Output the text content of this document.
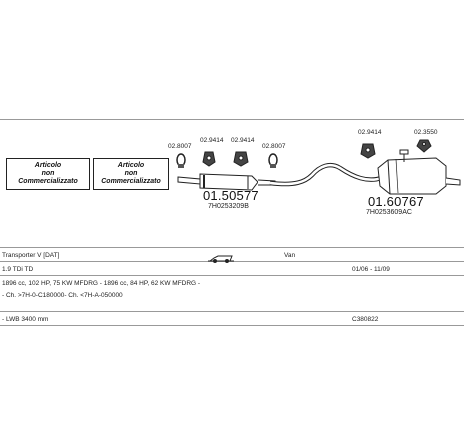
Articolo
non
Commercializzato
Articolo
non
Commercializzato
02.8007
02.9414 02.9414
02.8007
02.9414	02.3550
01.50577
7H0253209B	01.60767
7H0253609AC
Transporter V [DAT]	Van
1.9 TDi TD	01/06 - 11/09
1896 cc, 102 HP, 75 KW MFDRG - 1896 cc, 84 HP, 62 KW MFDRG -
- Ch. >7H-0-C180000- Ch. <7H-A-050000
- LWB 3400 mm	C380822
